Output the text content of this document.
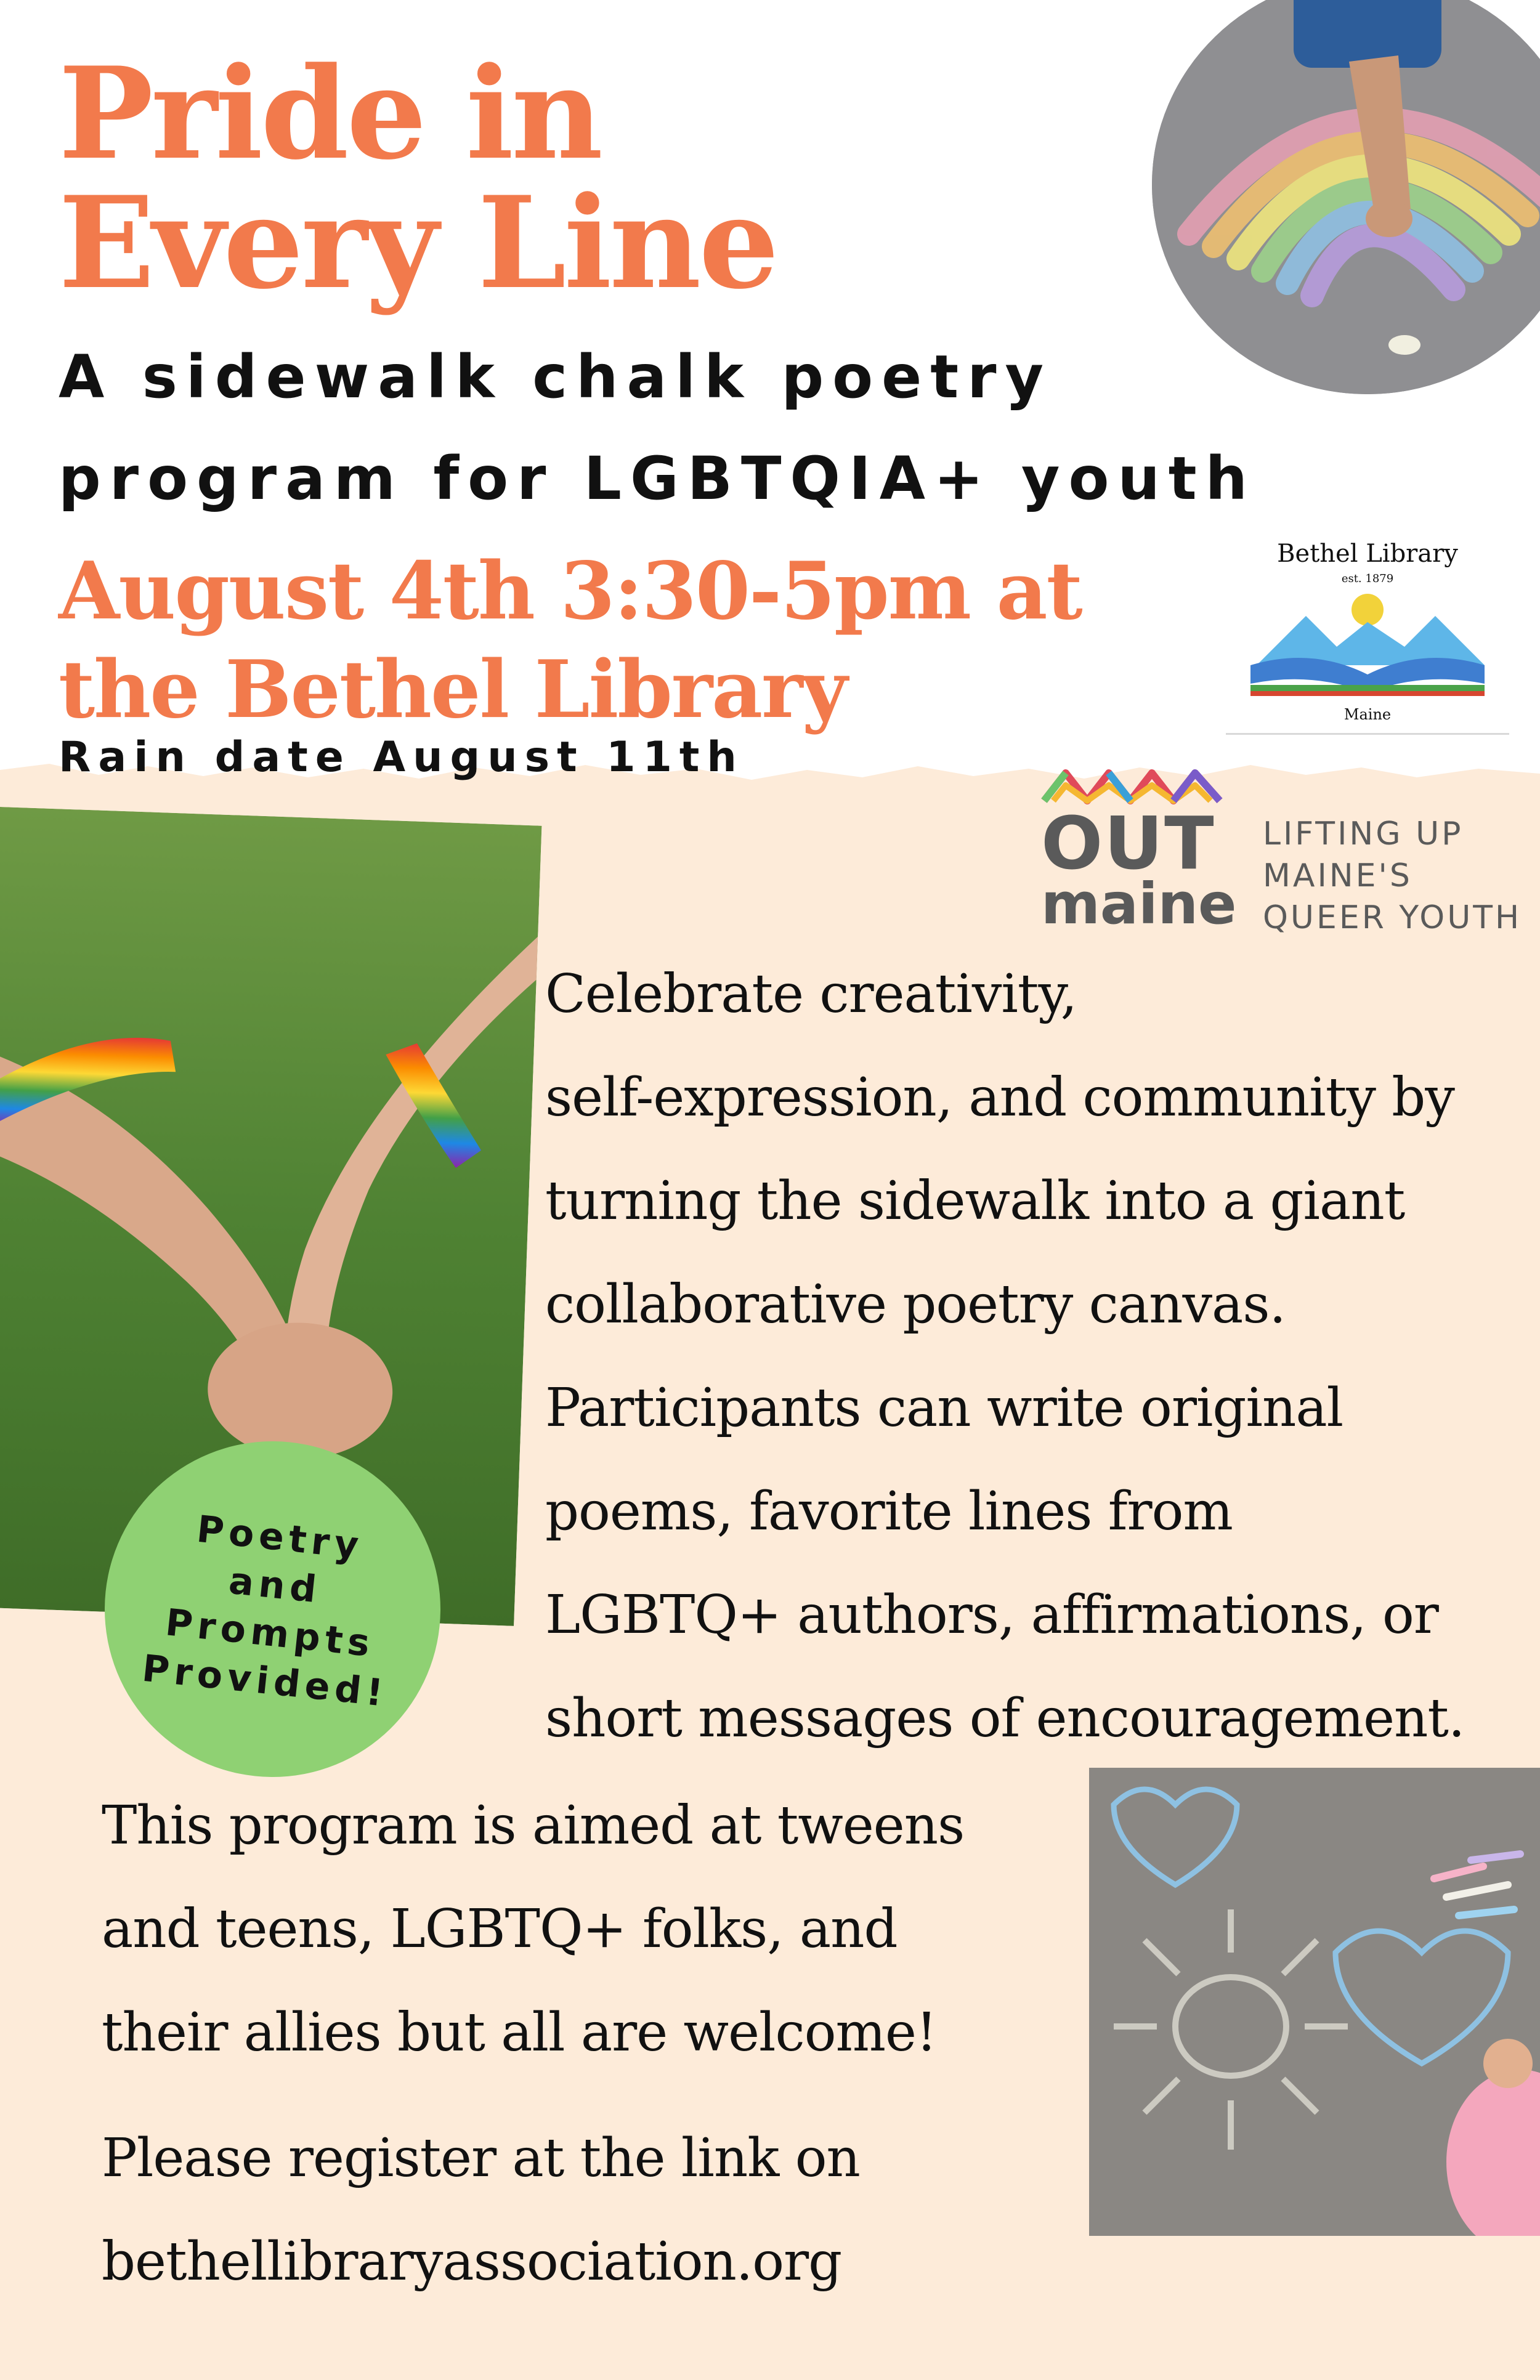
Pride in
Every Line
A sidewalk chalk poetry
program for LGBTQIA+ youth
August 4th 3:30-5pm at
the Bethel Library

Rain date August 11th

Bethel Library
est. 1879
Maine
OUT
maine
LIFTING UP
MAINE'S
QUEER YOUTH
Poetry
and
Prompts
Provided!
Celebrate creativity,
self-expression, and community by
turning the sidewalk into a giant
collaborative poetry canvas.
Participants can write original
poems, favorite lines from
LGBTQ+ authors, affirmations, or
short messages of encouragement.
This program is aimed at tweens
and teens, LGBTQ+ folks, and
their allies but all are welcome!
Please register at the link on
bethellibraryassociation.org
